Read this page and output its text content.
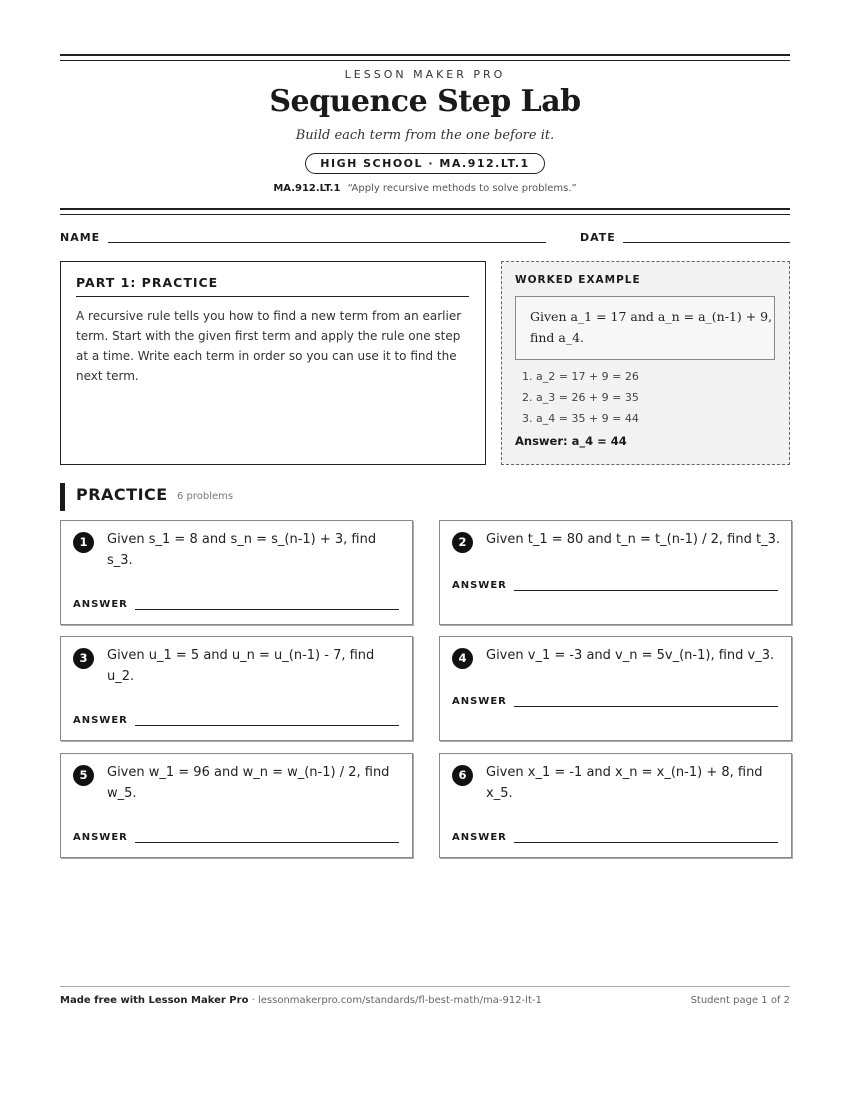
LESSON MAKER PRO
Sequence Step Lab
Build each term from the one before it.
HIGH SCHOOL · MA.912.LT.1
MA.912.LT.1 “Apply recursive methods to solve problems.”
NAME	DATE
PART 1: PRACTICE
A recursive rule tells you how to find a new term from an earlier term. Start with the given first term and apply the rule one step at a time. Write each term in order so you can use it to find the next term.
WORKED EXAMPLE
Given a_1 = 17 and a_n = a_(n-1) + 9, find a_4.
1. a_2 = 17 + 9 = 26
2. a_3 = 26 + 9 = 35
3. a_4 = 35 + 9 = 44
Answer: a_4 = 44
PRACTICE 6 problems
1	Given s_1 = 8 and s_n = s_(n-1) + 3, find s_3.
ANSWER
2	Given t_1 = 80 and t_n = t_(n-1) / 2, find t_3.
ANSWER
3	Given u_1 = 5 and u_n = u_(n-1) - 7, find u_2.
ANSWER
4	Given v_1 = -3 and v_n = 5v_(n-1), find v_3.
ANSWER
5	Given w_1 = 96 and w_n = w_(n-1) / 2, find w_5.
ANSWER
6	Given x_1 = -1 and x_n = x_(n-1) + 8, find x_5.
ANSWER
Made free with Lesson Maker Pro · lessonmakerpro.com/standards/fl-best-math/ma-912-lt-1	Student page 1 of 2
